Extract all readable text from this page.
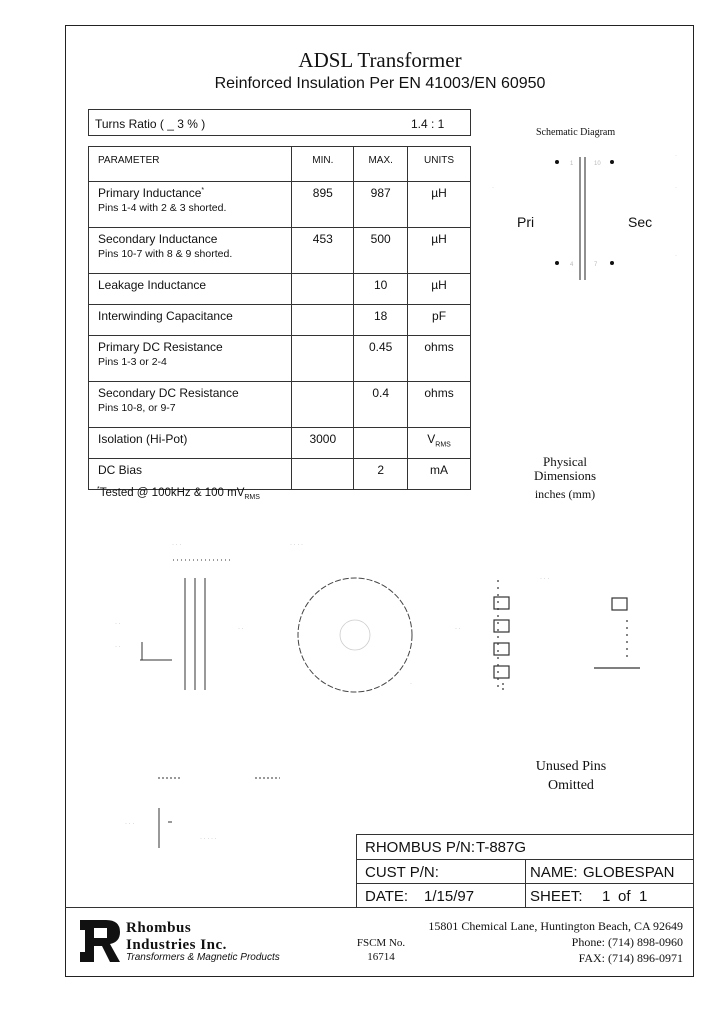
ADSL Transformer
Reinforced Insulation Per EN 41003/EN 60950
Turns Ratio ( _ 3 % )	1.4 : 1
PARAMETER	MIN.	MAX.	UNITS
Primary Inductance*
Pins 1-4 with 2 & 3 shorted.	895	987	µH
Secondary Inductance
Pins 10-7 with 8 & 9 shorted.	453	500	µH
Leakage Inductance		10	µH
Interwinding Capacitance		18	pF
Primary DC Resistance
Pins 1-3 or 2-4		0.45	ohms
Secondary DC Resistance
Pins 10-8, or 9-7		0.4	ohms
Isolation (Hi-Pot)	3000		$V_{RMS}$
DC Bias		2	mA
*Tested @ 100kHz & 100 $mV_{RMS}$
Schematic Diagram
1	10
·	·
4	7
·
·
Pri	Sec
Physical
Dimensions
inches (mm)
· · ·	· · · ·
· ·
· ·
· ·
·
· · ·
· ·
· · ·
· · · · ·
Unused Pins
Omitted
RHOMBUS P/N: T-887G
CUST P/N:	NAME: GLOBESPAN
DATE: 1/15/97	SHEET: 1 of 1
Rhombus
Industries Inc.
Transformers & Magnetic Products
FSCM No.
16714
15801 Chemical Lane, Huntington Beach, CA 92649
Phone: (714) 898-0960
FAX: (714) 896-0971
